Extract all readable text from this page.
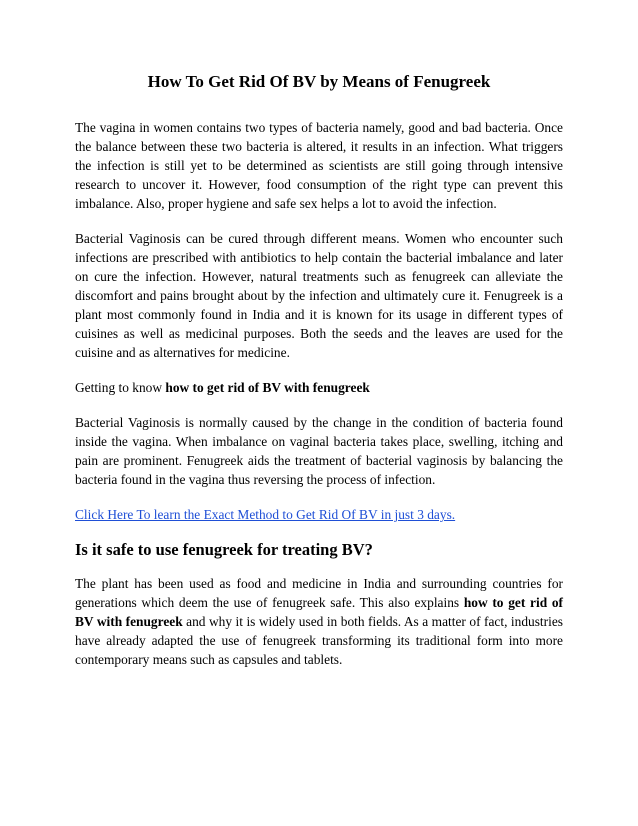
How To Get Rid Of BV by Means of Fenugreek

The vagina in women contains two types of bacteria namely, good and bad bacteria. Once the balance between these two bacteria is altered, it results in an infection. What triggers the infection is still yet to be determined as scientists are still going through intensive research to uncover it. However, food consumption of the right type can prevent this imbalance. Also, proper hygiene and safe sex helps a lot to avoid the infection.

Bacterial Vaginosis can be cured through different means. Women who encounter such infections are prescribed with antibiotics to help contain the bacterial imbalance and later on cure the infection. However, natural treatments such as fenugreek can alleviate the discomfort and pains brought about by the infection and ultimately cure it. Fenugreek is a plant most commonly found in India and it is known for its usage in different types of cuisines as well as medicinal purposes. Both the seeds and the leaves are used for the cuisine and as alternatives for medicine.

Getting to know how to get rid of BV with fenugreek

Bacterial Vaginosis is normally caused by the change in the condition of bacteria found inside the vagina. When imbalance on vaginal bacteria takes place, swelling, itching and pain are prominent. Fenugreek aids the treatment of bacterial vaginosis by balancing the bacteria found in the vagina thus reversing the process of infection.

Click Here To learn the Exact Method to Get Rid Of BV in just 3 days.

Is it safe to use fenugreek for treating BV?

The plant has been used as food and medicine in India and surrounding countries for generations which deem the use of fenugreek safe. This also explains how to get rid of BV with fenugreek and why it is widely used in both fields. As a matter of fact, industries have already adapted the use of fenugreek transforming its traditional form into more contemporary means such as capsules and tablets.
